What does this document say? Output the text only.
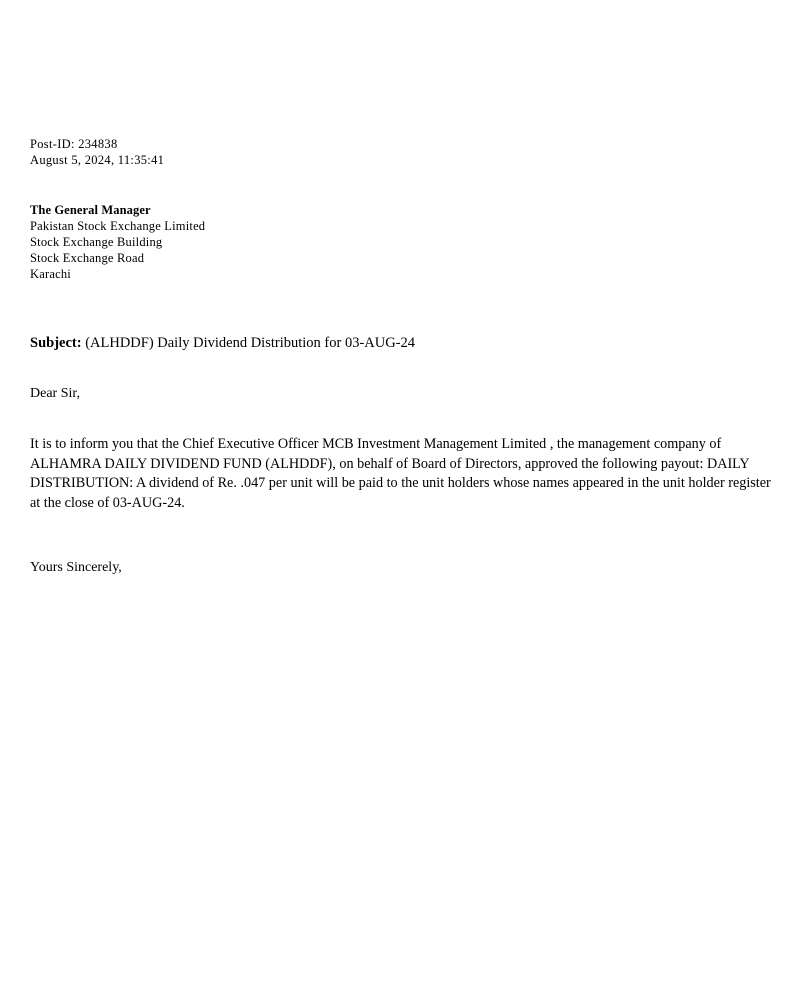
Post-ID: 234838
August 5, 2024, 11:35:41
The General Manager
Pakistan Stock Exchange Limited
Stock Exchange Building
Stock Exchange Road
Karachi
Subject: (ALHDDF) Daily Dividend Distribution for 03-AUG-24
Dear Sir,

It is to inform you that the Chief Executive Officer MCB Investment Management Limited , the management company of ALHAMRA DAILY DIVIDEND FUND (ALHDDF), on behalf of Board of Directors, approved the following payout: DAILY DISTRIBUTION: A dividend of Re. .047 per unit will be paid to the unit holders whose names appeared in the unit holder register at the close of 03-AUG-24.

Yours Sincerely,
